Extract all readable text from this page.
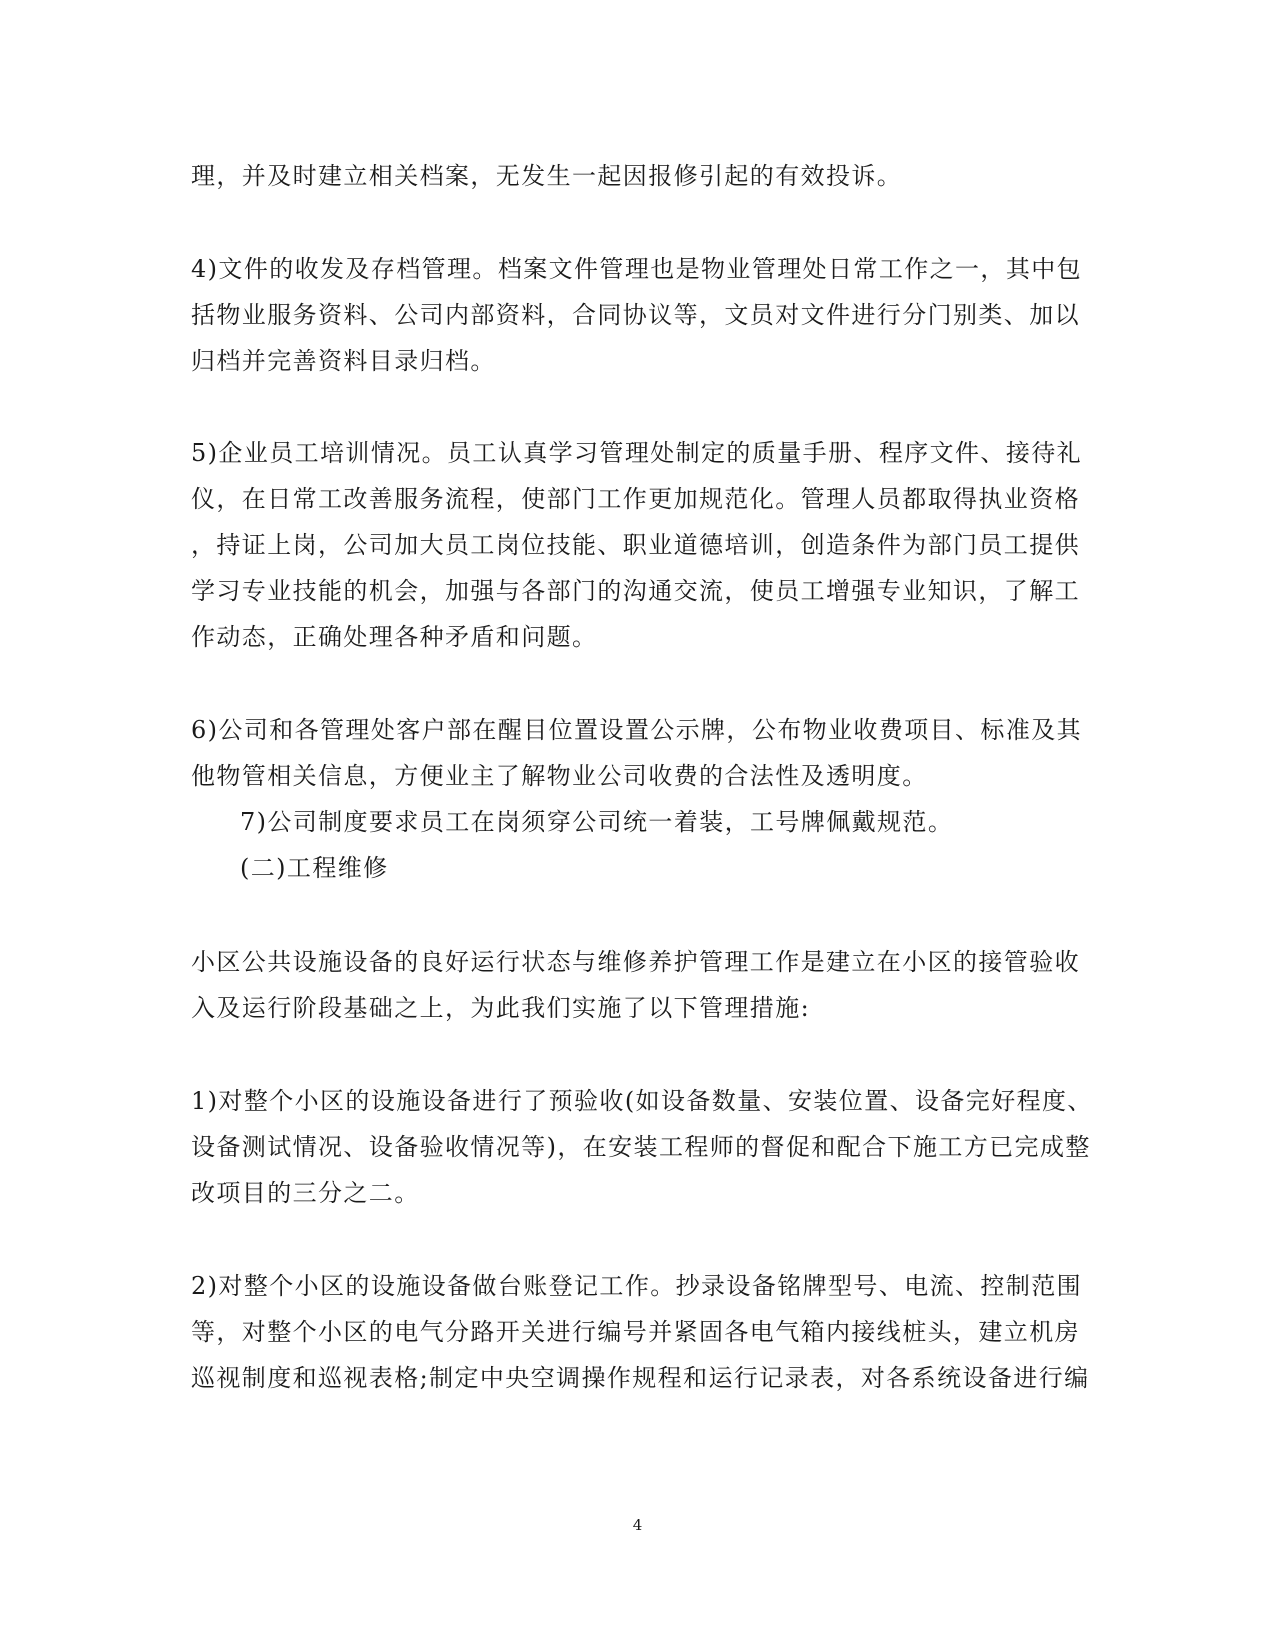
理，并及时建立相关档案，无发生一起因报修引起的有效投诉。
4)文件的收发及存档管理。档案文件管理也是物业管理处日常工作之一，其中包
括物业服务资料、公司内部资料，合同协议等，文员对文件进行分门别类、加以
归档并完善资料目录归档。
5)企业员工培训情况。员工认真学习管理处制定的质量手册、程序文件、接待礼
仪，在日常工改善服务流程，使部门工作更加规范化。管理人员都取得执业资格
，持证上岗，公司加大员工岗位技能、职业道德培训，创造条件为部门员工提供
学习专业技能的机会，加强与各部门的沟通交流，使员工增强专业知识，了解工
作动态，正确处理各种矛盾和问题。
6)公司和各管理处客户部在醒目位置设置公示牌，公布物业收费项目、标准及其
他物管相关信息，方便业主了解物业公司收费的合法性及透明度。
7)公司制度要求员工在岗须穿公司统一着装，工号牌佩戴规范。
(二)工程维修
小区公共设施设备的良好运行状态与维修养护管理工作是建立在小区的接管验收
入及运行阶段基础之上，为此我们实施了以下管理措施:
1)对整个小区的设施设备进行了预验收(如设备数量、安装位置、设备完好程度、
设备测试情况、设备验收情况等)，在安装工程师的督促和配合下施工方已完成整
改项目的三分之二。
2)对整个小区的设施设备做台账登记工作。抄录设备铭牌型号、电流、控制范围
等，对整个小区的电气分路开关进行编号并紧固各电气箱内接线桩头，建立机房
巡视制度和巡视表格;制定中央空调操作规程和运行记录表，对各系统设备进行编
4
